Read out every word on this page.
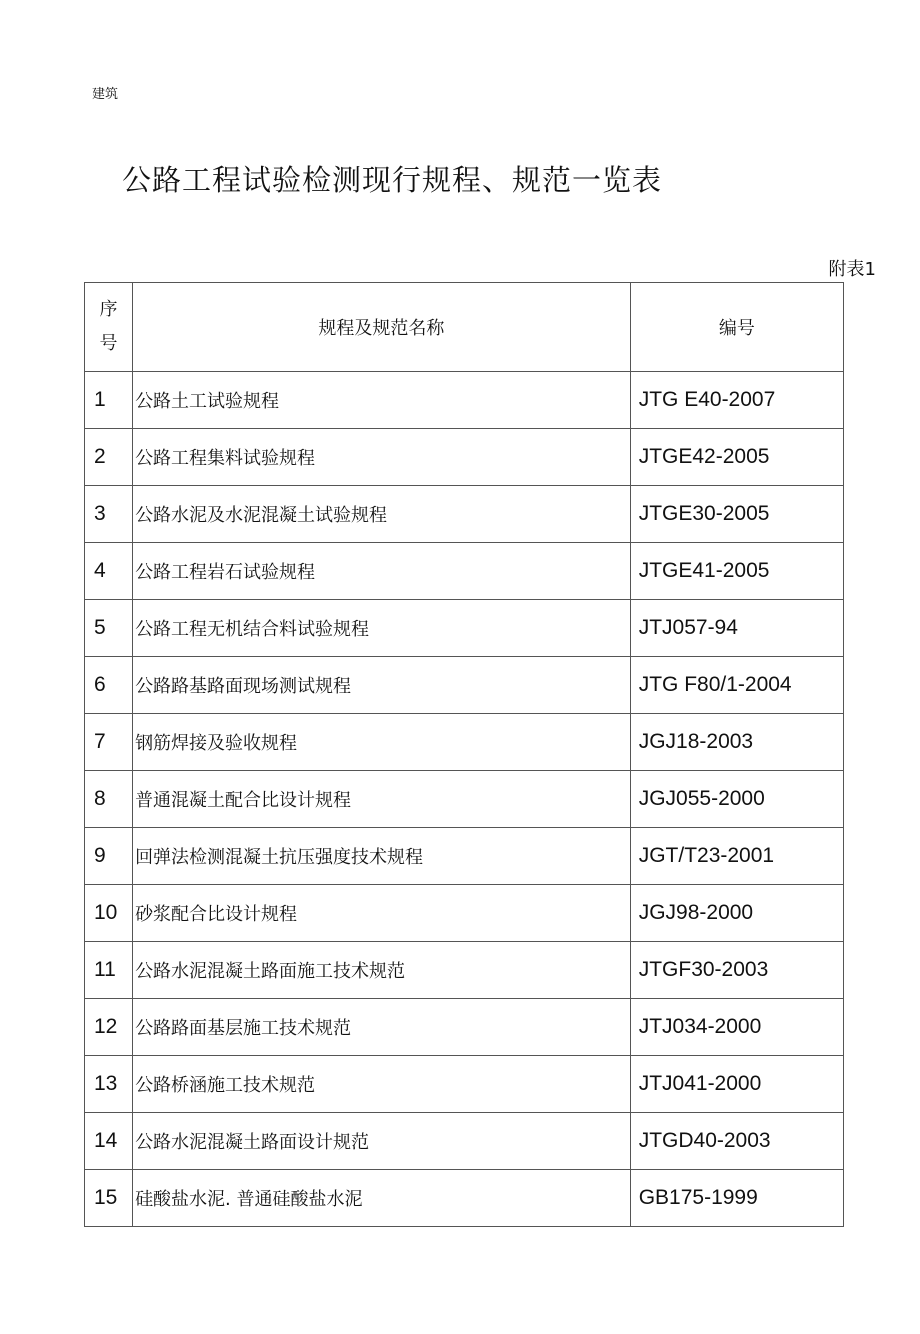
建筑
公路工程试验检测现行规程、规范一览表
附表1
序
号	规程及规范名称	编号
1	公路土工试验规程	JTG E40-2007
2	公路工程集料试验规程	JTGE42-2005
3	公路水泥及水泥混凝土试验规程	JTGE30-2005
4	公路工程岩石试验规程	JTGE41-2005
5	公路工程无机结合料试验规程	JTJ057-94
6	公路路基路面现场测试规程	JTG F80/1-2004
7	钢筋焊接及验收规程	JGJ18-2003
8	普通混凝土配合比设计规程	JGJ055-2000
9	回弹法检测混凝土抗压强度技术规程	JGT/T23-2001
10	砂浆配合比设计规程	JGJ98-2000
11	公路水泥混凝土路面施工技术规范	JTGF30-2003
12	公路路面基层施工技术规范	JTJ034-2000
13	公路桥涵施工技术规范	JTJ041-2000
14	公路水泥混凝土路面设计规范	JTGD40-2003
15	硅酸盐水泥. 普通硅酸盐水泥	GB175-1999
